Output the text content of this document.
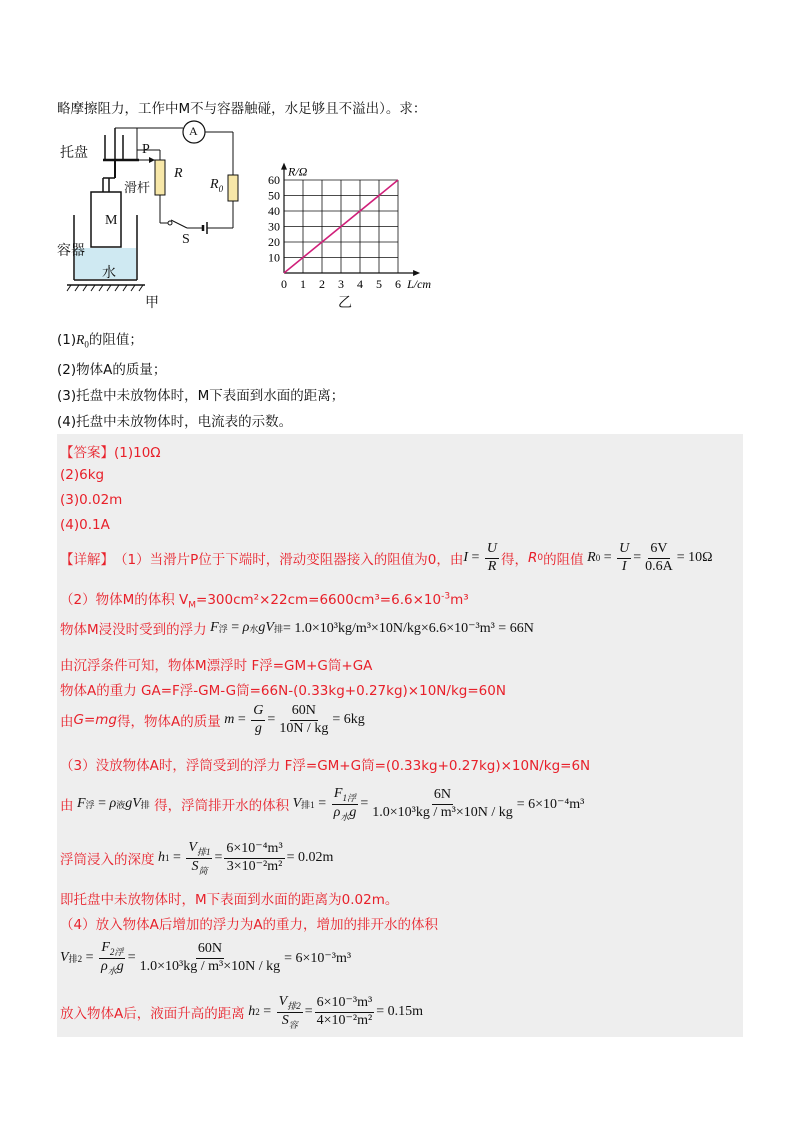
略摩擦阻力，工作中M不与容器触碰，水足够且不溢出）。求：
托盘	P
滑杆
R
$R_0$
A
M
容器
水
S
甲
0 1 2 3 4 5 6
10
20
30
40
50
60
L/cm
R/Ω
乙
$(1)R_0$的阻值；
(2)物体A的质量；
(3)托盘中未放物体时，M下表面到水面的距离；
(4)托盘中未放物体时，电流表的示数。
【答案】(1)10Ω
(2)6kg
(3)0.02m
(4)0.1A
【详解】 （1）当滑片P位于下端时，滑动变阻器接入的阻值为0，由 $I = \frac{U}{R}$ 得， R 0 的阻值 R $0 = \frac{U}{I} = \frac{6V}{0.6A} = 10\Omega$
（2）物体M的体积 $V_M=300cm^2\times 22cm=6600cm^3=6.6\times 10^{-3}m^3$
物体M浸没时受到的浮力 F 浮 = ρ 水 gV 排 = 1.0×10³kg/m³×10N/kg×6.6×10⁻³m³ = 66N
由沉浮条件可知，物体M漂浮时 F浮=GM+G筒+GA
物体A的重力 GA=F浮-GM-G筒=66N-(0.33kg+0.27kg)×10N/kg=60N
由 G=mg 得，物体A的质量 $m = \frac{G}{g} = \frac{60N}{10N / kg} = 6kg$
（3）没放物体A时，浮筒受到的浮力 F浮=GM+G筒=(0.33kg+0.27kg)×10N/kg=6N
由 F 浮 = ρ 液 gV 排
得，浮筒排开水的体积 V 排$1 = \frac{F_{1浮}}{\rho_水g} = \frac{6N}{\text{1.0×10³kg / m³×10N / kg}} = 6\times 10^{-4}m^3$
浮筒浸入的深度 h $1 = \frac{V_{排1}}{S_筒} = \frac{\text{6×10⁻⁴m³}}{\text{3×10⁻²m²}} = 0.02m$
即托盘中未放物体时，M下表面到水面的距离为0.02m。
（4）放入物体A后增加的浮力为A的重力，增加的排开水的体积
V 排$2 = \frac{F_{2浮}}{\rho_水g} = \frac{60N}{\text{1.0×10³kg / m³×10N / kg}} = 6\times 10^{-3}m^3$
放入物体A后，液面升高的距离 h $2 = \frac{V_{排2}}{S_容} = \frac{\text{6×10⁻³m³}}{\text{4×10⁻²m²}} = 0.15m$
